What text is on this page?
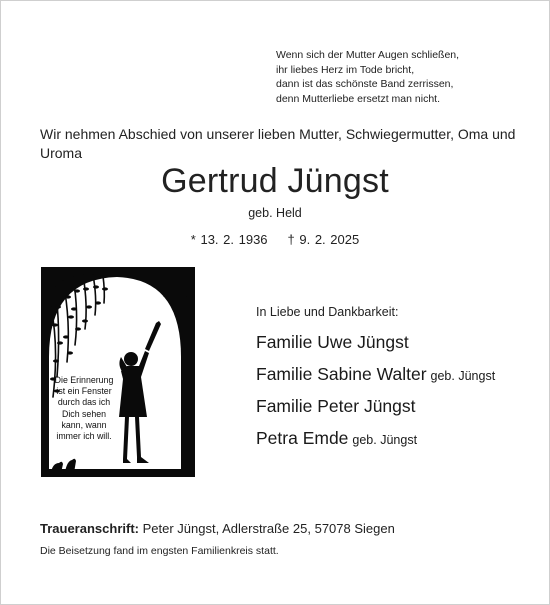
Wenn sich der Mutter Augen schließen,
ihr liebes Herz im Tode bricht,
dann ist das schönste Band zerrissen,
denn Mutterliebe ersetzt man nicht.
Wir nehmen Abschied von unserer lieben Mutter, Schwiegermutter, Oma und Uroma
Gertrud Jüngst
geb. Held
* 13. 2. 1936 † 9. 2. 2025
Die Erinnerung
ist ein Fenster
durch das ich
Dich sehen
kann, wann
immer ich will.
In Liebe und Dankbarkeit:
Familie Uwe Jüngst
Familie Sabine Walter geb. Jüngst
Familie Peter Jüngst
Petra Emde geb. Jüngst
Traueranschrift: Peter Jüngst, Adlerstraße 25, 57078 Siegen
Die Beisetzung fand im engsten Familienkreis statt.
